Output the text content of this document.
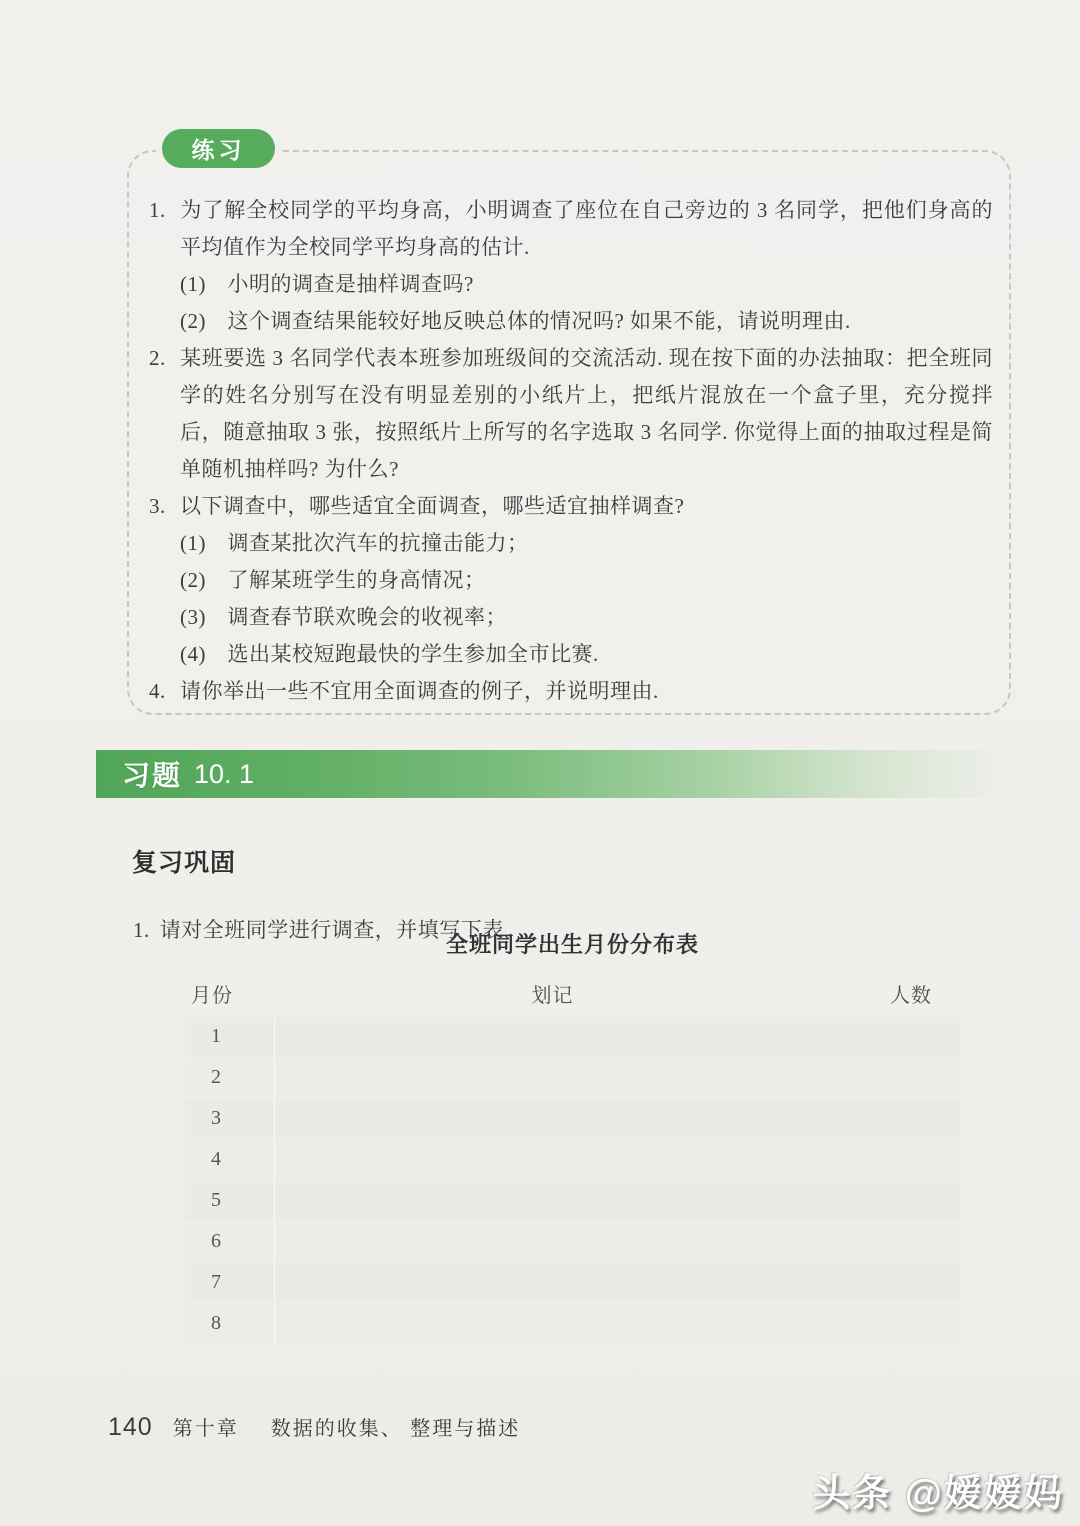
练习

1. 为了解全校同学的平均身高，小明调查了座位在自己旁边的 3 名同学，把他们身高的平均值作为全校同学平均身高的估计.

(1)　小明的调查是抽样调查吗?

(2)　这个调查结果能较好地反映总体的情况吗? 如果不能，请说明理由.

2. 某班要选 3 名同学代表本班参加班级间的交流活动. 现在按下面的办法抽取：把全班同学的姓名分别写在没有明显差别的小纸片上，把纸片混放在一个盒子里，充分搅拌后，随意抽取 3 张，按照纸片上所写的名字选取 3 名同学. 你觉得上面的抽取过程是简单随机抽样吗? 为什么?

3. 以下调查中，哪些适宜全面调查，哪些适宜抽样调查?

(1)　调查某批次汽车的抗撞击能力；

(2)　了解某班学生的身高情况；

(3)　调查春节联欢晚会的收视率；

(4)　选出某校短跑最快的学生参加全市比赛.

4. 请你举出一些不宜用全面调查的例子，并说明理由.

习题 10. 1
复习巩固

1. 请对全班同学进行调查，并填写下表.

全班同学出生月份分布表
月份	划记	人数
1
2
3
4
5
6
7
8
140 第十章 数据的收集、 整理与描述
头条 @嫒嫒妈
